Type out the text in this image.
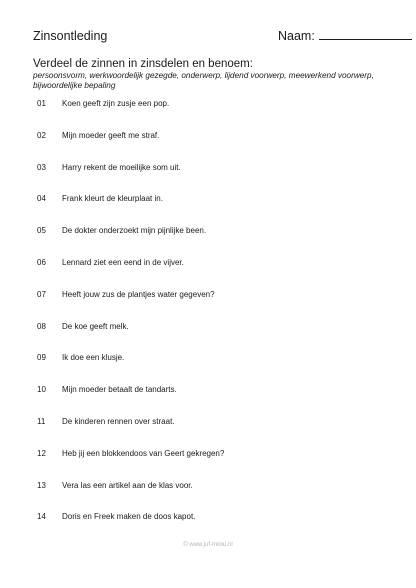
Zinsontleding	Naam:
Verdeel de zinnen in zinsdelen en benoem:
persoonsvorm, werkwoordelijk gezegde, onderwerp, lijdend voorwerp, meewerkend voorwerp, bijwoordelijke bepaling
01	Koen geeft zijn zusje een pop.
02	Mijn moeder geeft me straf.
03	Harry rekent de moeilijke som uit.
04	Frank kleurt de kleurplaat in.
05	De dokter onderzoekt mijn pijnlijke been.
06	Lennard ziet een eend in de vijver.
07	Heeft jouw zus de plantjes water gegeven?
08	De koe geeft melk.
09	Ik doe een klusje.
10	Mijn moeder betaalt de tandarts.
11	De kinderen rennen over straat.
12	Heb jij een blokkendoos van Geert gekregen?
13	Vera las een artikel aan de klas voor.
14	Doris en Freek maken de doos kapot.
© www.juf-milou.nl
